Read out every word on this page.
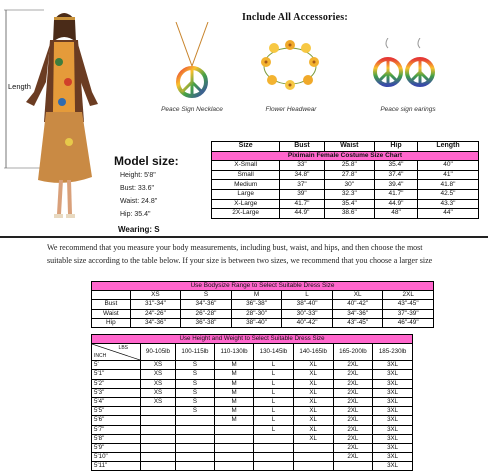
Length
Include All Accessories:
Peace Sign Necklace	Flower Headwear	Peace sign earings
Model size:
Height: 5'8"
Bust: 33.6"
Waist: 24.8"
Hip: 35.4"
Wearing: S
Piximain Female Costume Size Chart				
Size	Bust	Waist	Hip	Length
X-Small	33"	25.8"	35.4"	40"
Small	34.8"	27.8"	37.4"	41"
Medium	37"	30"	39.4"	41.8"
Large	39"	32.3"	41.7"	42.5"
X-Large	41.7"	35.4"	44.9"	43.3"
2X-Large	44.9"	38.6"	48"	44"
We recommend that you measure your body measurements, including bust, waist, and hips, and then choose the most suitable size according to the table below. If your size is between two sizes, we recommend that you choose a larger size
Use Bodysize Range to Select Suitable Dress Size						
	XS	S	M	L	XL	2XL
Bust	31"-34"	34"-36"	36"-38"	38"-40"	40"-42"	43"-45"
Waist	24"-26"	26"-28"	28"-30"	30"-33"	34"-36"	37"-39"
Hip	34"-36"	36"-38"	38"-40"	40"-42"	43"-45"	46"-49"
Use Height and Weight to Select Suitable Dress Size							

LBS
INCH	90-105lb	100-115lb	110-130lb	130-145lb	140-165lb	165-200lb	185-230lb
5'	XS	S	M	L	XL	2XL	3XL
5'1"	XS	S	M	L	XL	2XL	3XL
5'2"	XS	S	M	L	XL	2XL	3XL
5'3"	XS	S	M	L	XL	2XL	3XL
5'4"	XS	S	M	L	XL	2XL	3XL
5'5"		S	M	L	XL	2XL	3XL
5'6"			M	L	XL	2XL	3XL
5'7"				L	XL	2XL	3XL
5'8"					XL	2XL	3XL
5'9"						2XL	3XL
5'10"						2XL	3XL
5'11"							3XL
